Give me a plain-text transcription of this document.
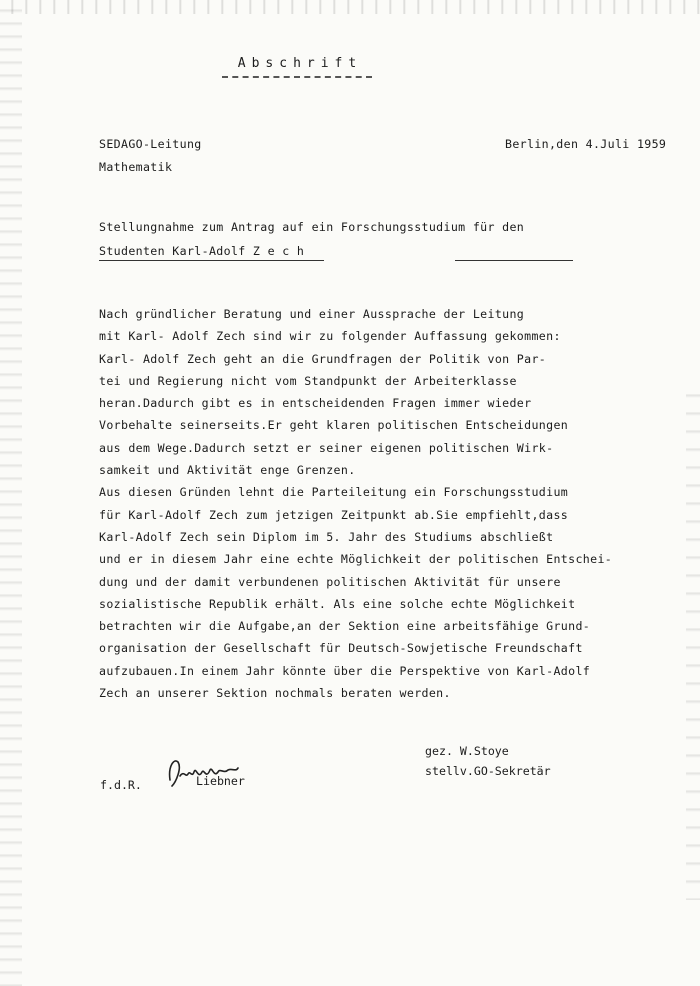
Abschrift
SEDAGO-Leitung
Mathematik
Berlin,den 4.Juli 1959
Stellungnahme zum Antrag auf ein Forschungsstudium für den
Studenten Karl-Adolf Z e c h
Nach gründlicher Beratung und einer Aussprache der Leitung
mit Karl- Adolf Zech sind wir zu folgender Auffassung gekommen:
Karl- Adolf Zech geht an die Grundfragen der Politik von Par-
tei und Regierung nicht vom Standpunkt der Arbeiterklasse
heran.Dadurch gibt es in entscheidenden Fragen immer wieder
Vorbehalte seinerseits.Er geht klaren politischen Entscheidungen
aus dem Wege.Dadurch setzt er seiner eigenen politischen Wirk-
samkeit und Aktivität enge Grenzen.
Aus diesen Gründen lehnt die Parteileitung ein Forschungsstudium
für Karl-Adolf Zech zum jetzigen Zeitpunkt ab.Sie empfiehlt,dass
Karl-Adolf Zech sein Diplom im 5. Jahr des Studiums abschließt
und er in diesem Jahr eine echte Möglichkeit der politischen Entschei-
dung und der damit verbundenen politischen Aktivität für unsere
sozialistische Republik erhält. Als eine solche echte Möglichkeit
betrachten wir die Aufgabe,an der Sektion eine arbeitsfähige Grund-
organisation der Gesellschaft für Deutsch-Sowjetische Freundschaft
aufzubauen.In einem Jahr könnte über die Perspektive von Karl-Adolf
Zech an unserer Sektion nochmals beraten werden.
gez. W.Stoye
stellv.GO-Sekretär
f.d.R.	Liebner
